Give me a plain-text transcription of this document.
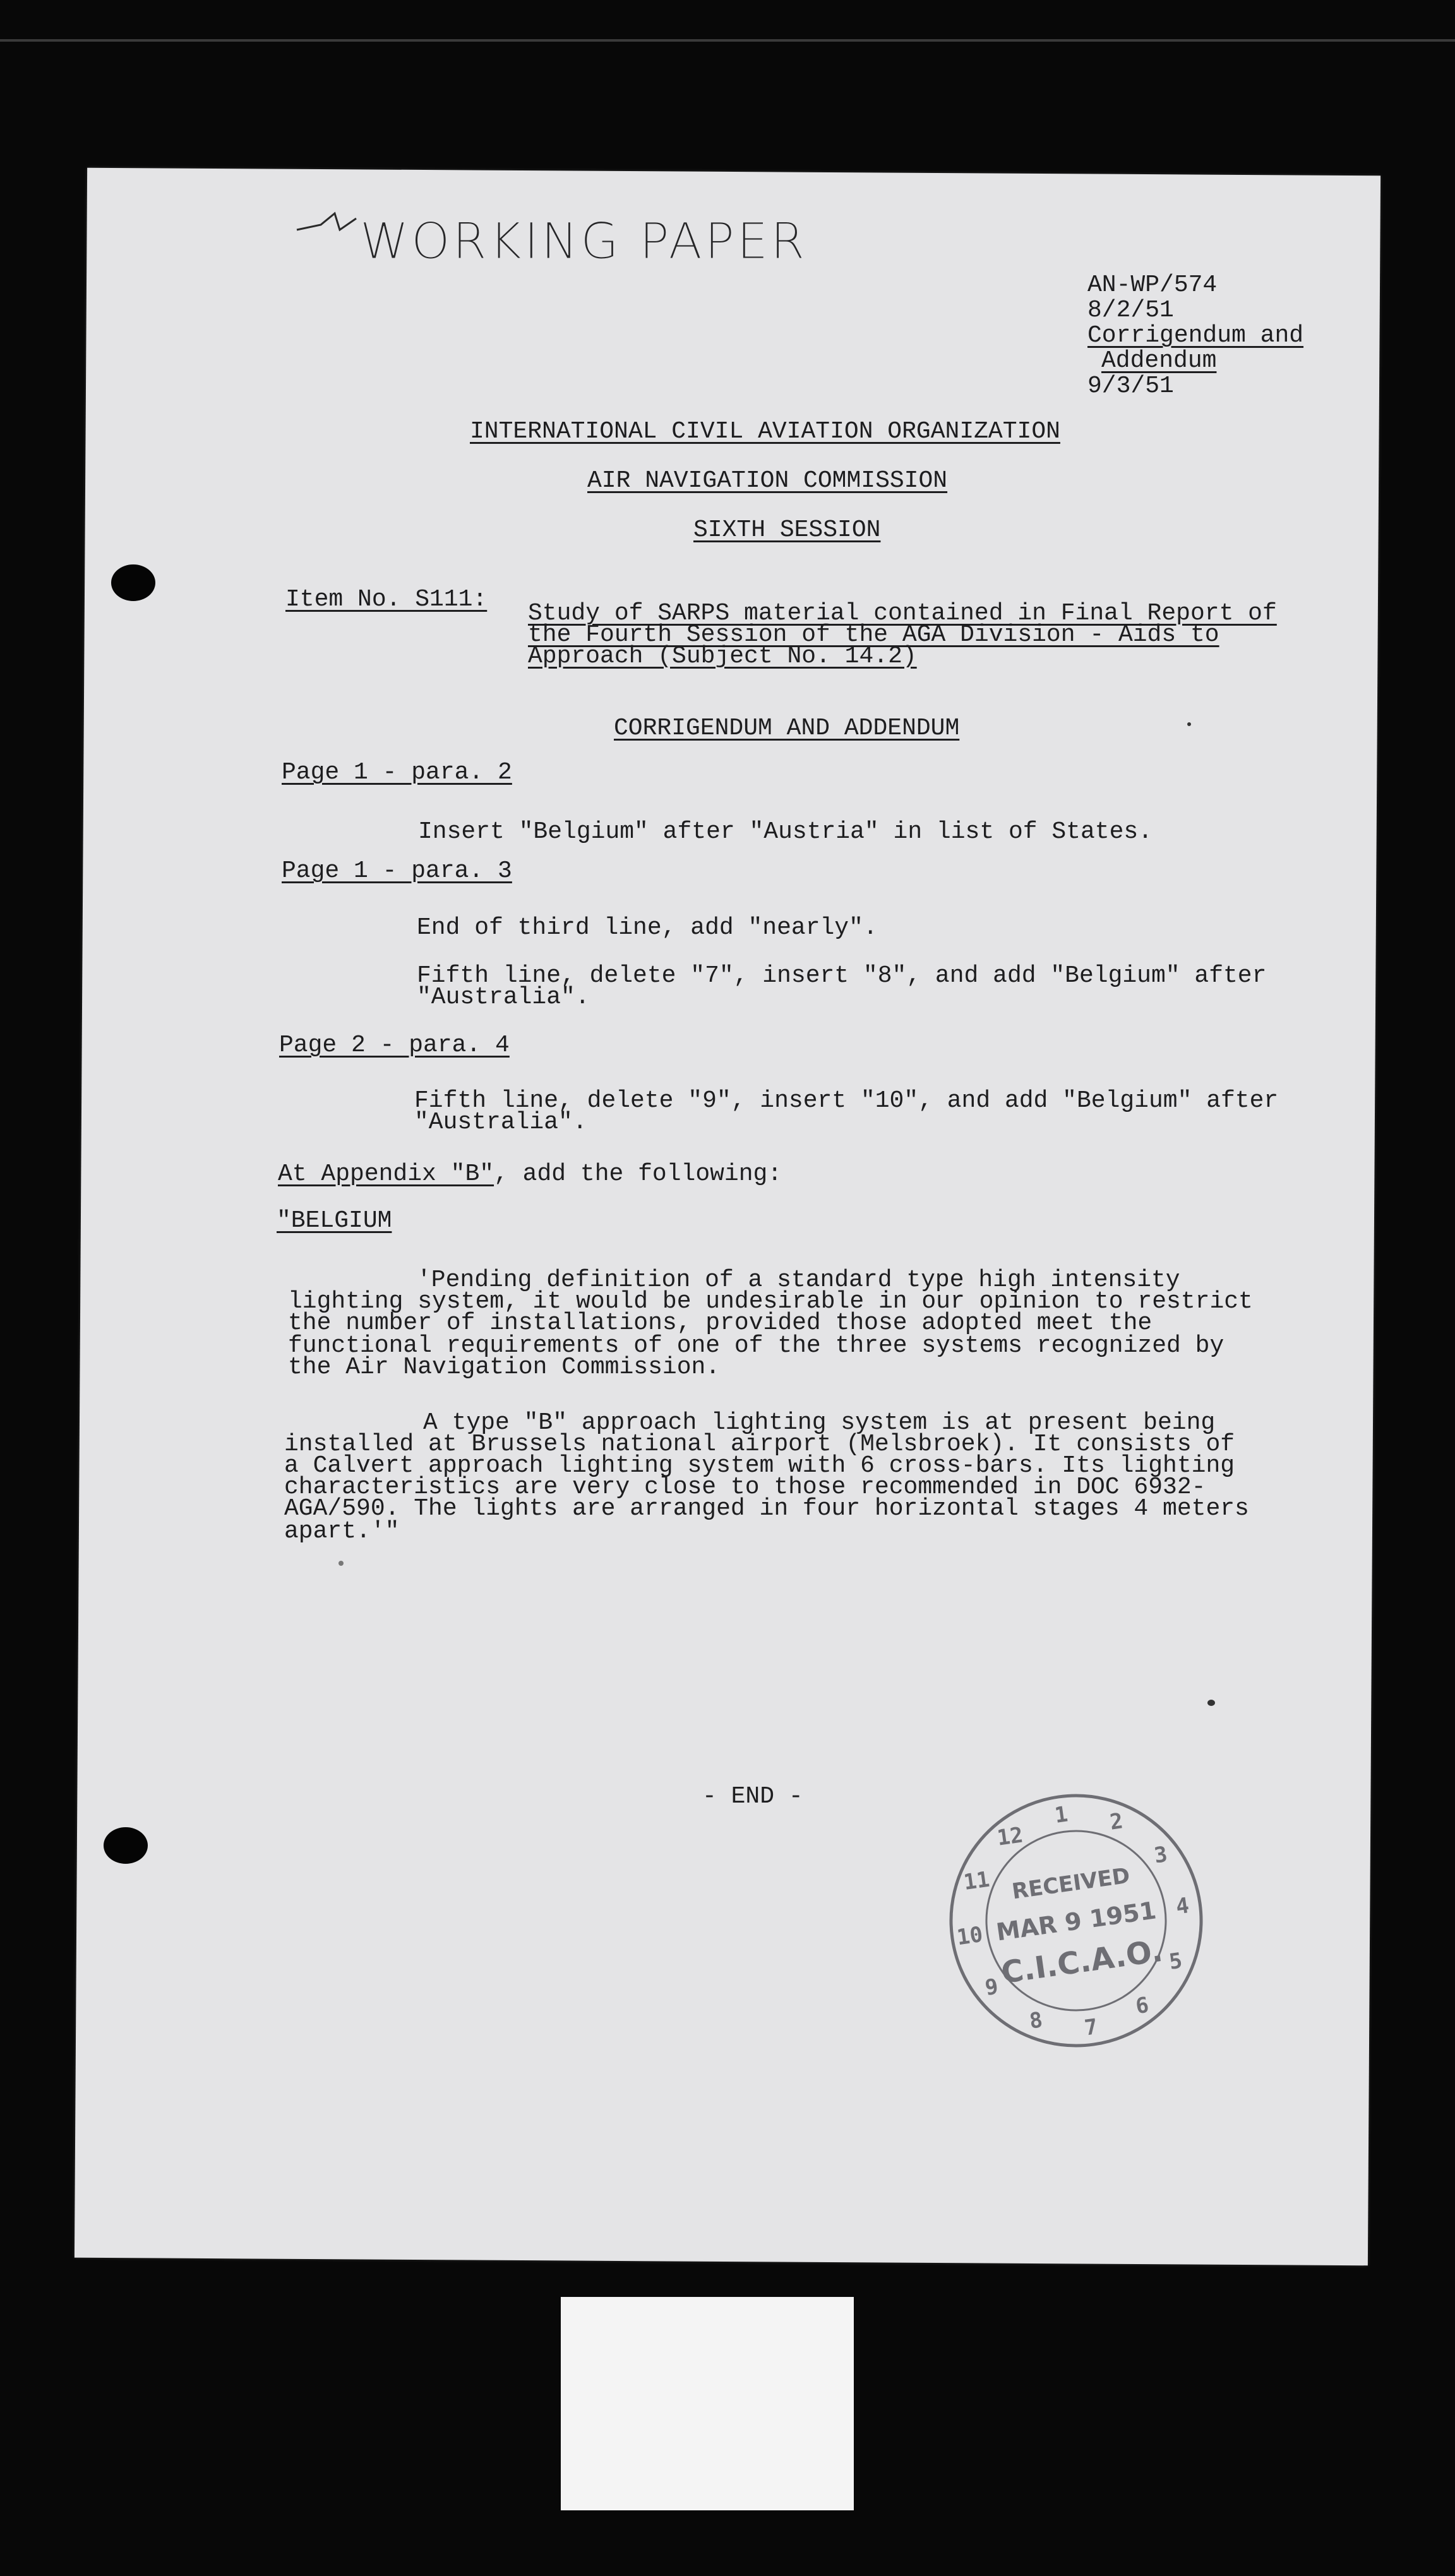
WORKING PAPER
AN-WP/574
8/2/51
Corrigendum and
Addendum
9/3/51
INTERNATIONAL CIVIL AVIATION ORGANIZATION
AIR NAVIGATION COMMISSION
SIXTH SESSION
Item No. S111:
Study of SARPS material contained in Final Report of
the Fourth Session of the AGA Division - Aids to
Approach (Subject No. 14.2)
CORRIGENDUM AND ADDENDUM
Page 1 - para. 2
Insert "Belgium" after "Austria" in list of States.
Page 1 - para. 3
End of third line, add "nearly".
Fifth line, delete "7", insert "8", and add "Belgium" after
"Australia".
Page 2 - para. 4
Fifth line, delete "9", insert "10", and add "Belgium" after
"Australia".
At Appendix "B", add the following:
"BELGIUM
'Pending definition of a standard type high intensity
lighting system, it would be undesirable in our opinion to restrict
the number of installations, provided those adopted meet the
functional requirements of one of the three systems recognized by
the Air Navigation Commission.
A type "B" approach lighting system is at present being
installed at Brussels national airport (Melsbroek). It consists of
a Calvert approach lighting system with 6 cross-bars. Its lighting
characteristics are very close to those recommended in DOC 6932-
AGA/590. The lights are arranged in four horizontal stages 4 meters
apart.'"
- END -
1 2
3
4
5
6
7
8
9
10
11
12
RECEIVED
MAR 9 1951
C.I.C.A.O.
